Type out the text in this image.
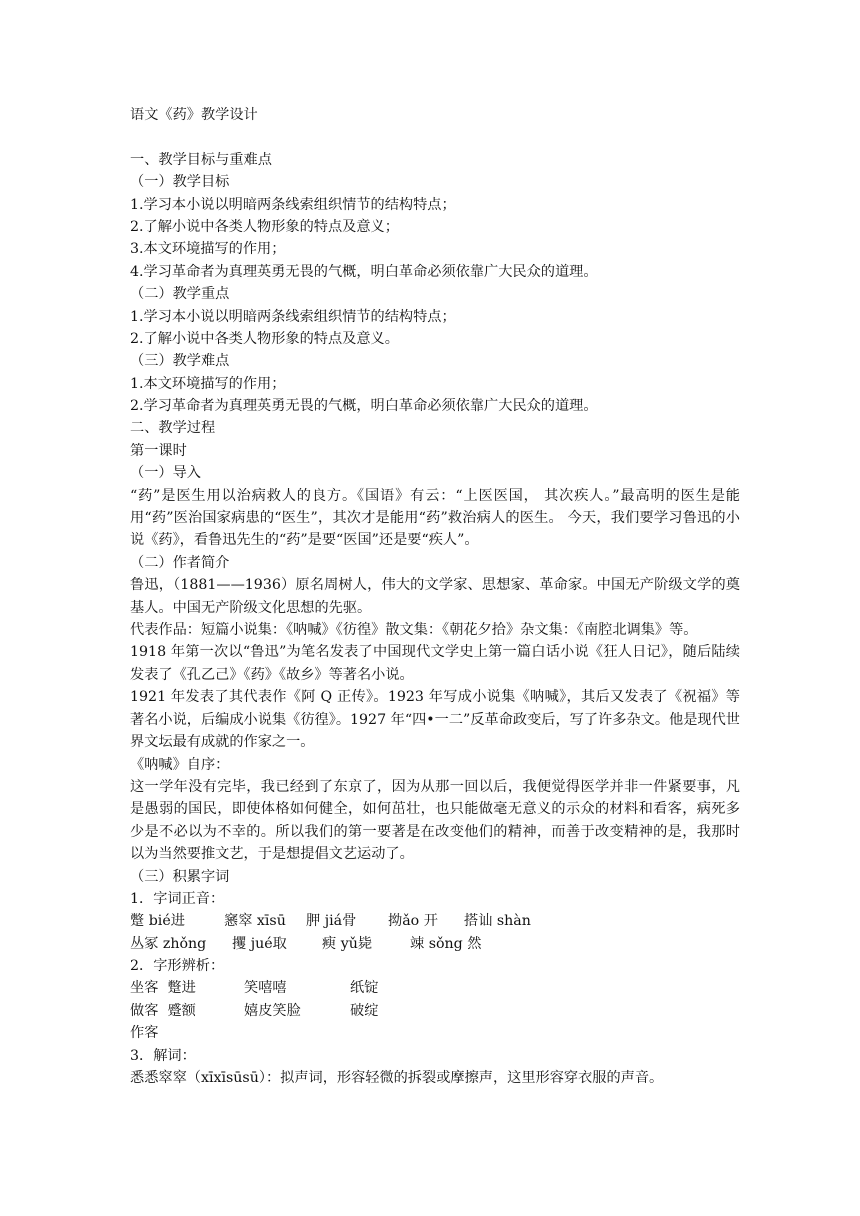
语文《药》教学设计
一、教学目标与重难点
（一）教学目标
1.学习本小说以明暗两条线索组织情节的结构特点；
2.了解小说中各类人物形象的特点及意义；
3.本文环境描写的作用；
4.学习革命者为真理英勇无畏的气概，明白革命必须依靠广大民众的道理。
（二）教学重点
1.学习本小说以明暗两条线索组织情节的结构特点；
2.了解小说中各类人物形象的特点及意义。
（三）教学难点
1.本文环境描写的作用；
2.学习革命者为真理英勇无畏的气概，明白革命必须依靠广大民众的道理。
二、教学过程
第一课时
（一）导入
“药”是医生用以治病救人的良方。《国语》有云：“上医医国， 其次疾人。”最高明的医生是能用“药”医治国家病患的“医生”，其次才是能用“药”救治病人的医生。 今天，我们要学习鲁迅的小说《药》，看鲁迅先生的“药”是要“医国”还是要“疾人”。
（二）作者简介
鲁迅，（1881——1936）原名周树人，伟大的文学家、思想家、革命家。中国无产阶级文学的奠基人。中国无产阶级文化思想的先驱。
代表作品：短篇小说集：《呐喊》《彷徨》散文集：《朝花夕拾》杂文集：《南腔北调集》等。
1918 年第一次以“鲁迅”为笔名发表了中国现代文学史上第一篇白话小说《狂人日记》，随后陆续发表了《孔乙己》《药》《故乡》等著名小说。
1921 年发表了其代表作《阿 Q 正传》。1923 年写成小说集《呐喊》，其后又发表了《祝福》等著名小说，后编成小说集《彷徨》。1927 年“四•一二”反革命政变后，写了许多杂文。他是现代世界文坛最有成就的作家之一。
《呐喊》自序：
这一学年没有完毕，我已经到了东京了，因为从那一回以后，我便觉得医学并非一件紧要事，凡是愚弱的国民，即使体格如何健全，如何茁壮，也只能做毫无意义的示众的材料和看客，病死多少是不必以为不幸的。所以我们的第一要著是在改变他们的精神，而善于改变精神的是，我那时以为当然要推文艺，于是想提倡文艺运动了。
（三）积累字词
1．字词正音：
蹩 bié进	窸窣 xīsū	胛 jiá骨	拗ǎo 开	搭讪 shàn
丛冢 zhǒng	攫 jué取	瘐 yǔ毙	竦 sǒng 然
2．字形辨析：
坐客  蹩进	笑嘻嘻	纸锭
做客  蹙额	嬉皮笑脸	破绽
作客
3．解词：
悉悉窣窣（xīxīsūsū）：拟声词，形容轻微的拆裂或摩擦声，这里形容穿衣服的声音。
